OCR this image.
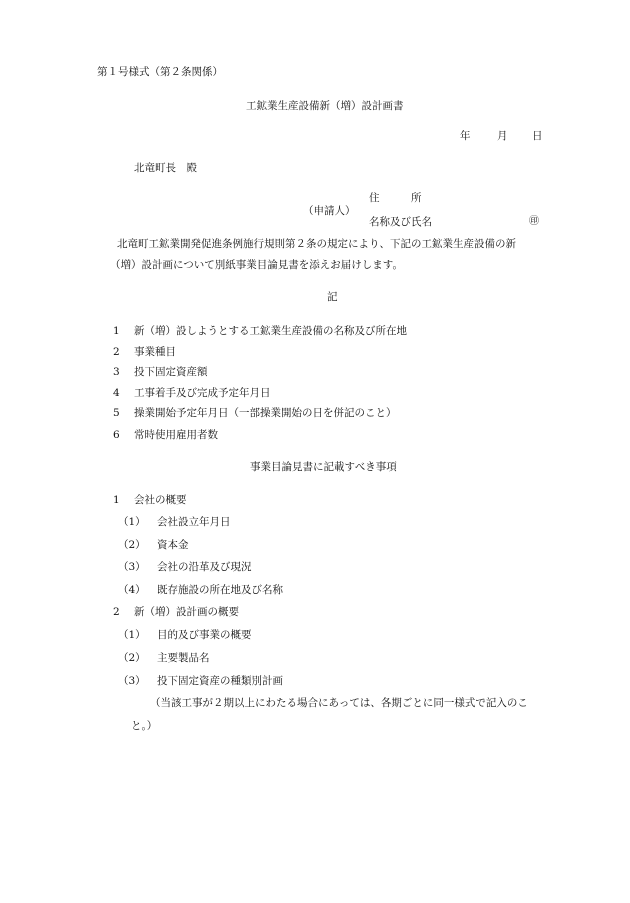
第１号様式（第２条関係）
工鉱業生産設備新（増）設計画書
年	月 日
北竜町長　殿
住　　　所
（申請人）
名称及び氏名	㊞
北竜町工鉱業開発促進条例施行規則第２条の規定により、下記の工鉱業生産設備の新
（増）設計画について別紙事業目論見書を添えお届けします。
記
1 新（増）設しようとする工鉱業生産設備の名称及び所在地
2 事業種目
3 投下固定資産額
4 工事着手及び完成予定年月日
5 操業開始予定年月日（一部操業開始の日を併記のこと）
6 常時使用雇用者数
事業目論見書に記載すべき事項
1 会社の概要
（1） 会社設立年月日
（2） 資本金
（3） 会社の沿革及び現況
（4） 既存施設の所在地及び名称
2 新（増）設計画の概要
（1） 目的及び事業の概要
（2） 主要製品名
（3） 投下固定資産の種類別計画
（当該工事が２期以上にわたる場合にあっては、各期ごとに同一様式で記入のこ
と。）
